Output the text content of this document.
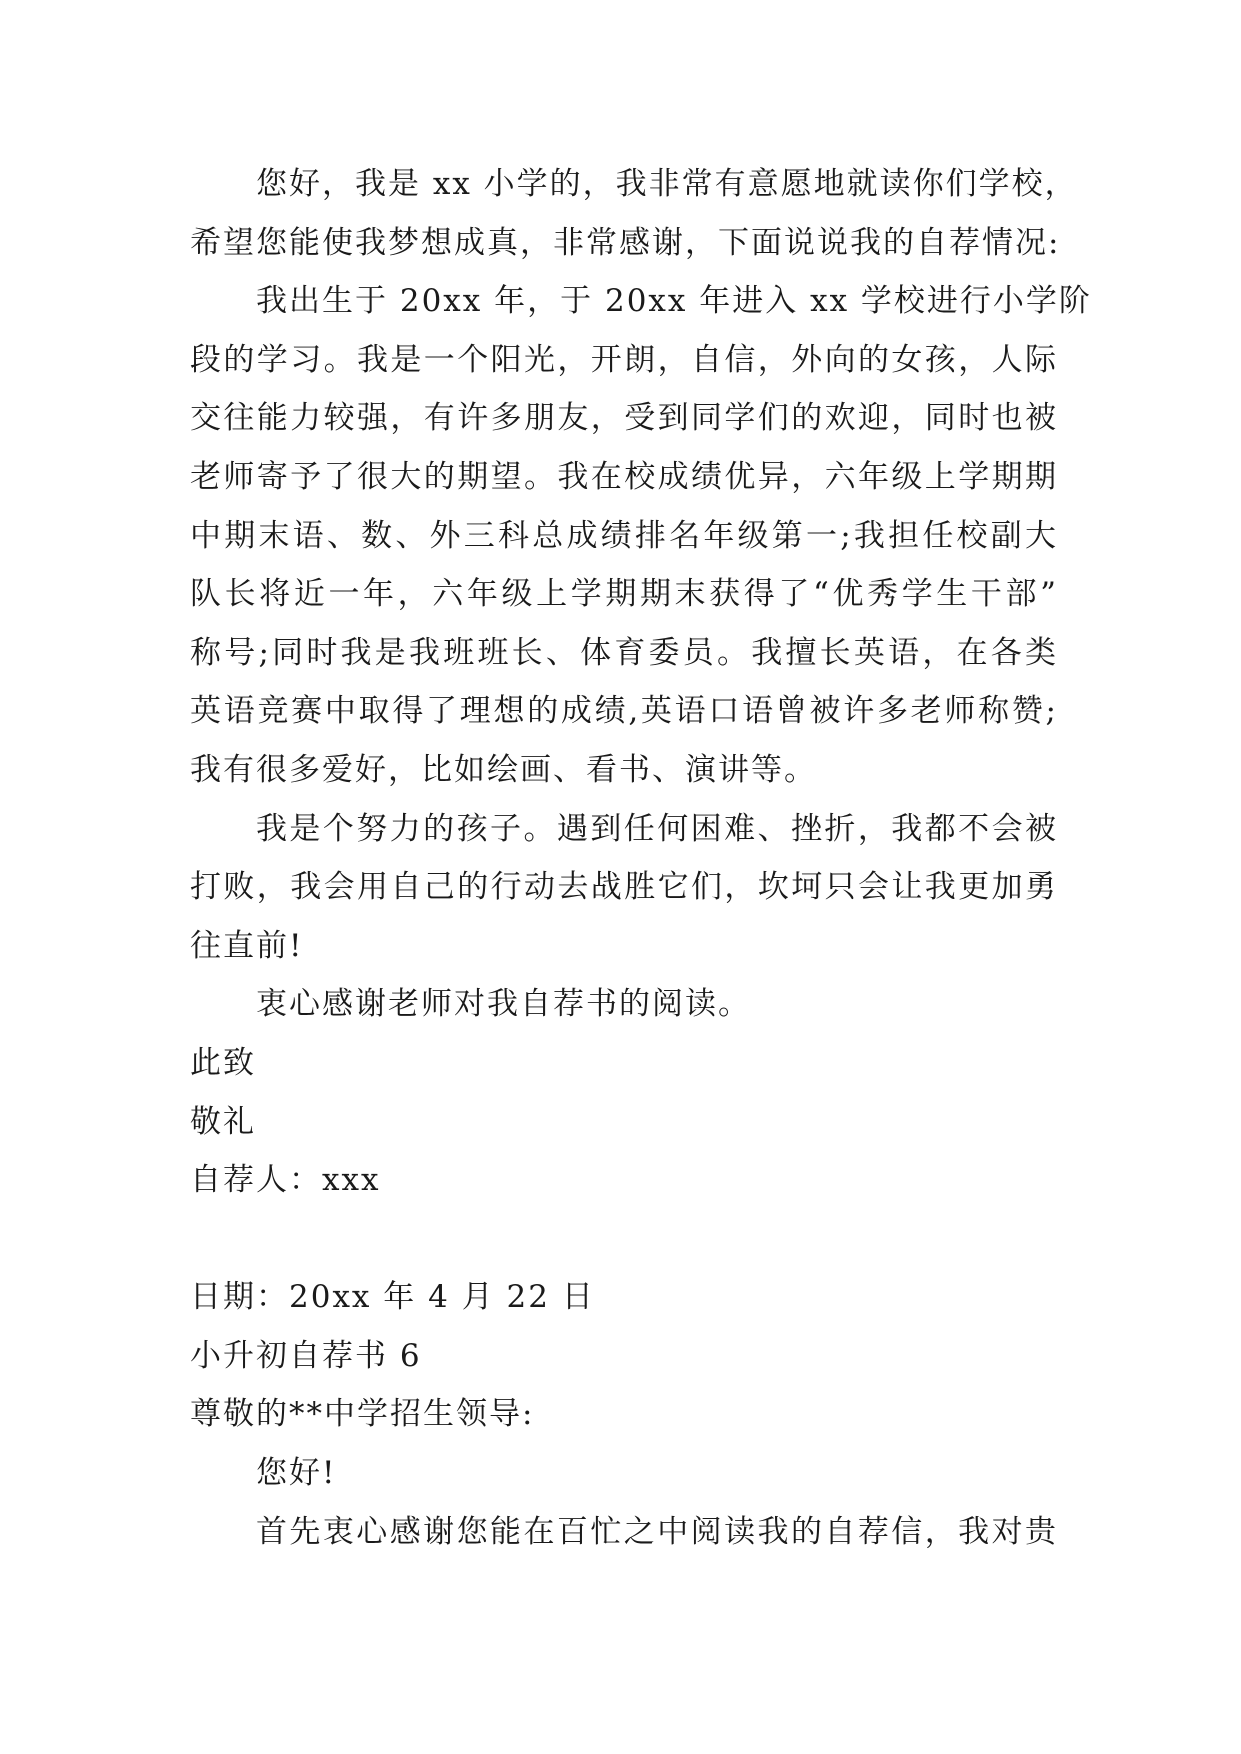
您好，我是 xx 小学的，我非常有意愿地就读你们学校，
希望您能使我梦想成真，非常感谢，下面说说我的自荐情况:
我出生于 20xx 年，于 20xx 年进入 xx 学校进行小学阶
段的学习。我是一个阳光，开朗，自信，外向的女孩，人际
交往能力较强，有许多朋友，受到同学们的欢迎，同时也被
老师寄予了很大的期望。我在校成绩优异，六年级上学期期
中期末语、数、外三科总成绩排名年级第一;我担任校副大
队长将近一年，六年级上学期期末获得了“优秀学生干部”
称号;同时我是我班班长、体育委员。我擅长英语，在各类
英语竞赛中取得了理想的成绩,英语口语曾被许多老师称赞;
我有很多爱好，比如绘画、看书、演讲等。
我是个努力的孩子。遇到任何困难、挫折，我都不会被
打败，我会用自己的行动去战胜它们，坎坷只会让我更加勇
往直前!
衷心感谢老师对我自荐书的阅读。
此致
敬礼
自荐人：xxx
日期：20xx 年 4 月 22 日
小升初自荐书 6
尊敬的**中学招生领导:
您好!
首先衷心感谢您能在百忙之中阅读我的自荐信，我对贵
